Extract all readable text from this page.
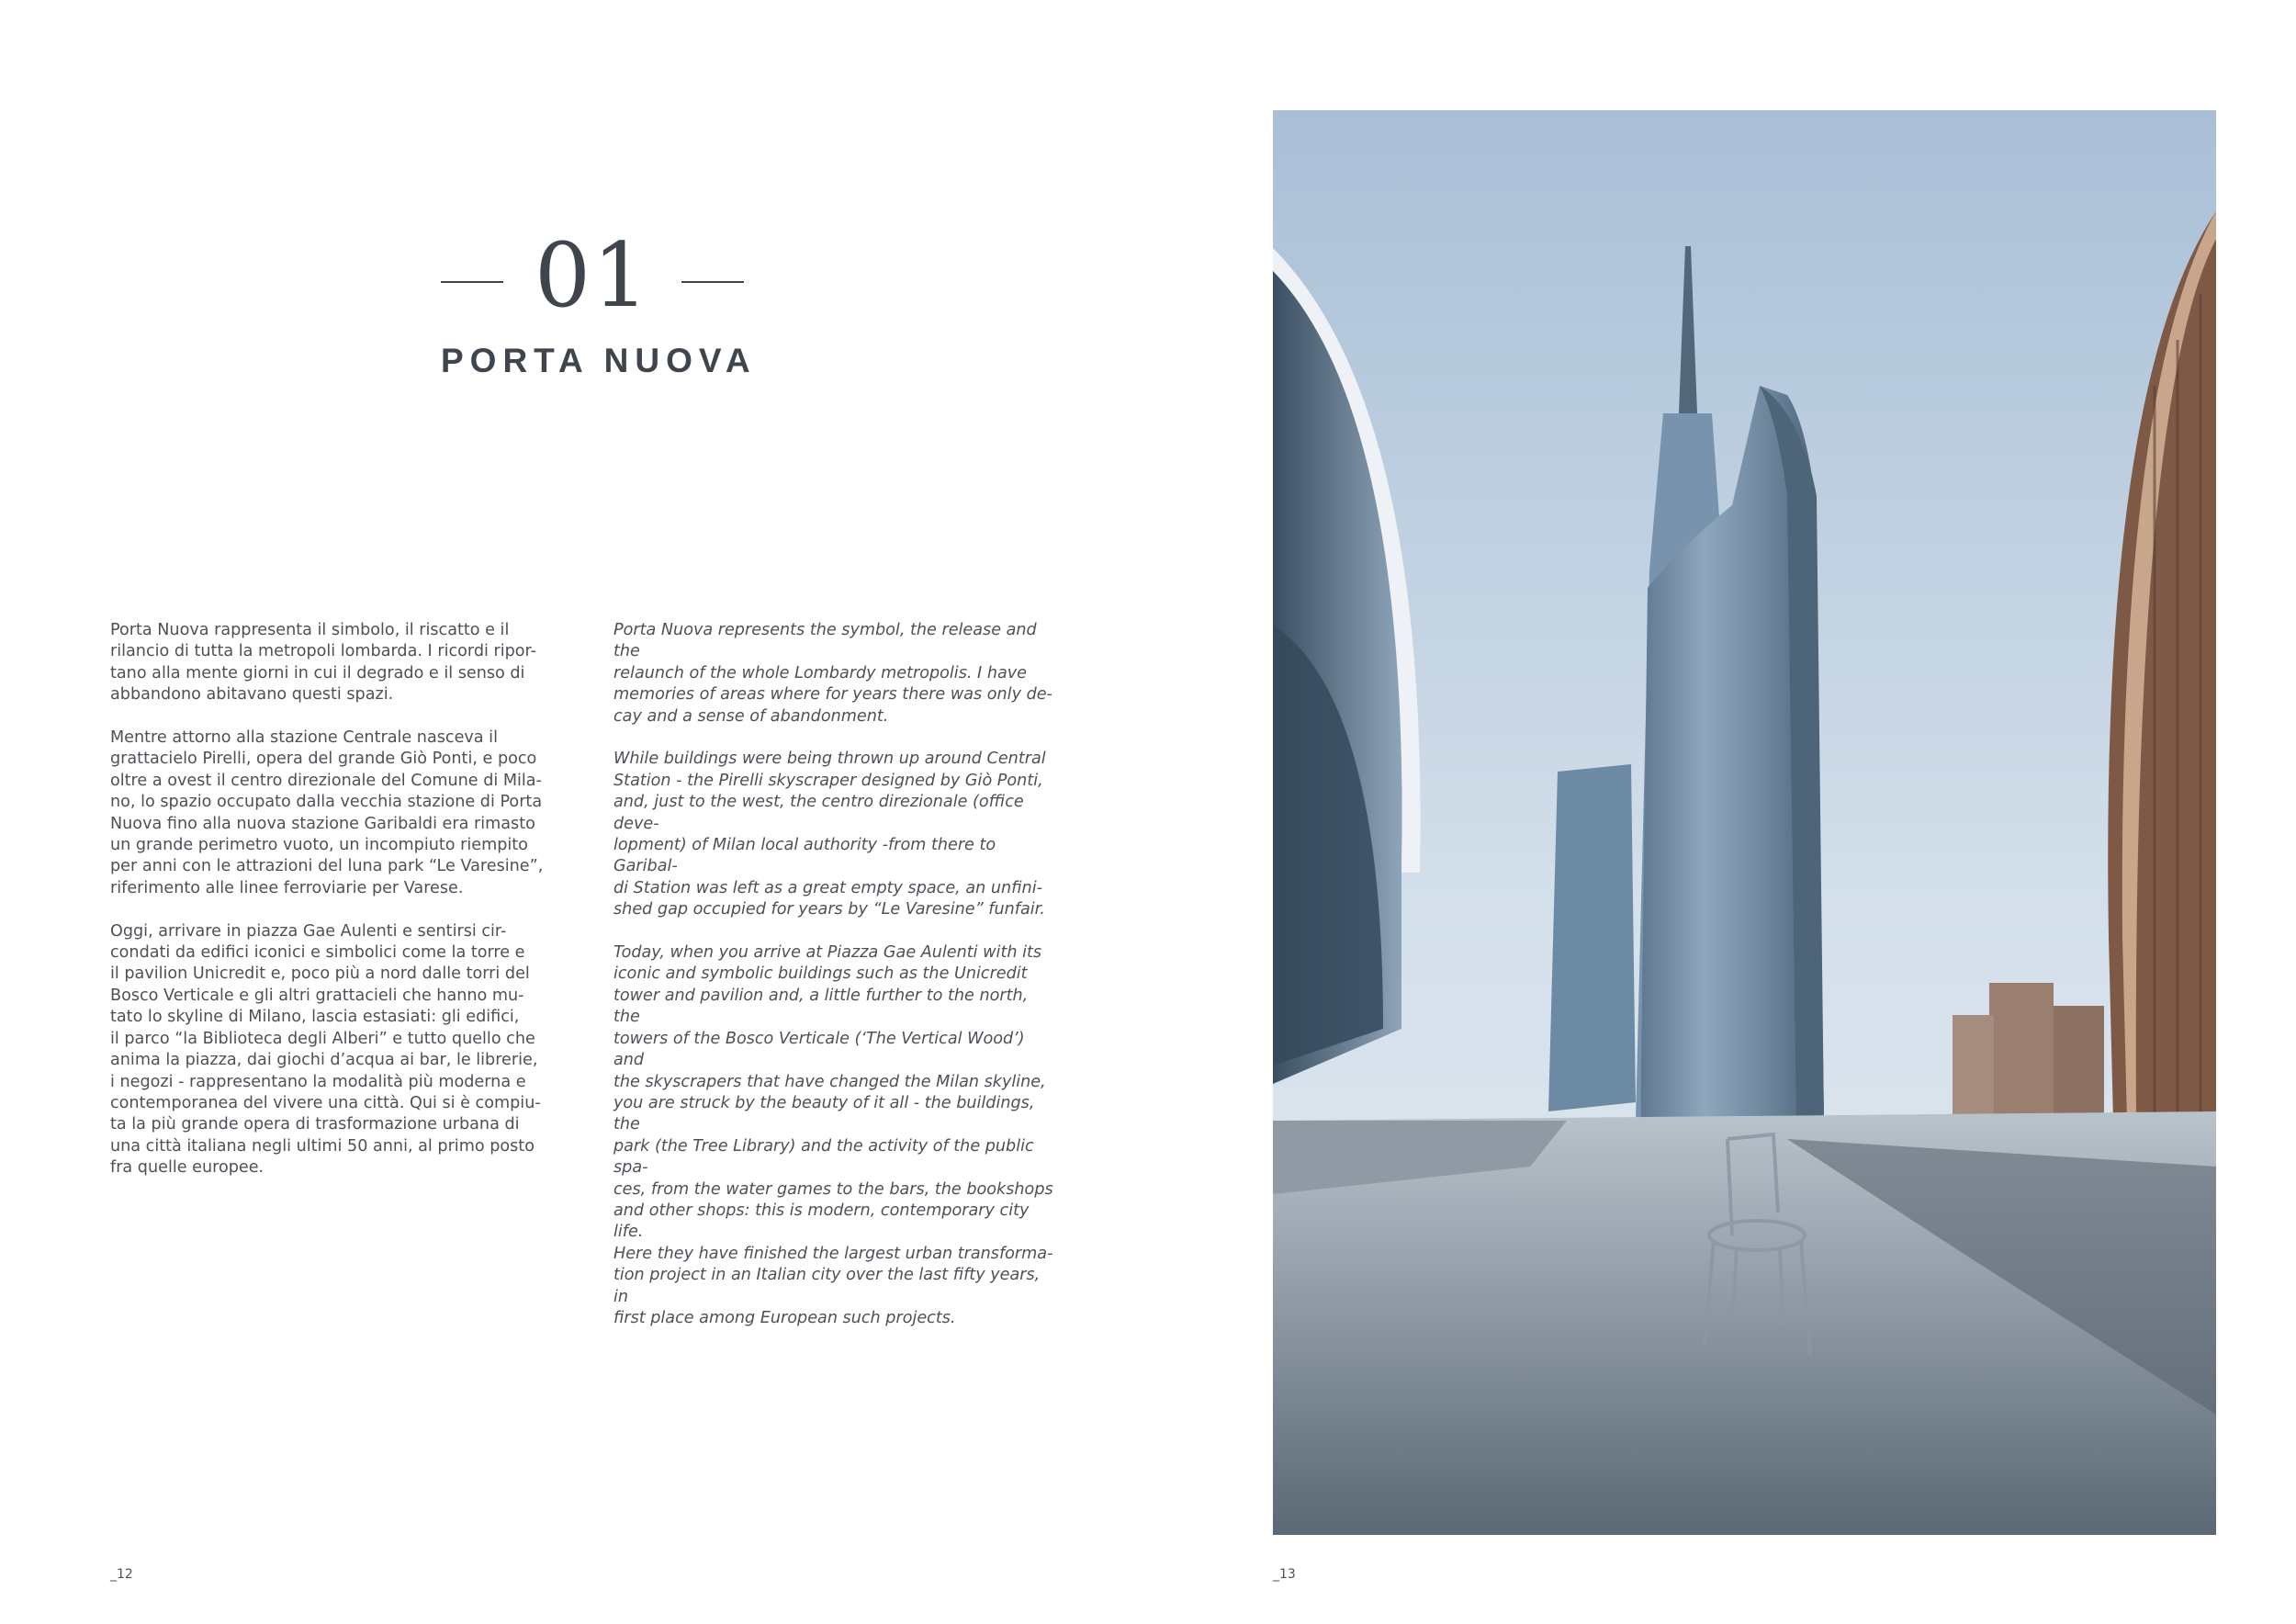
01
PORTA NUOVA

Porta Nuova rappresenta il simbolo, il riscatto e il
rilancio di tutta la metropoli lombarda. I ricordi ripor-
tano alla mente giorni in cui il degrado e il senso di
abbandono abitavano questi spazi.

Mentre attorno alla stazione Centrale nasceva il
grattacielo Pirelli, opera del grande Giò Ponti, e poco
oltre a ovest il centro direzionale del Comune di Mila-
no, lo spazio occupato dalla vecchia stazione di Porta
Nuova fino alla nuova stazione Garibaldi era rimasto
un grande perimetro vuoto, un incompiuto riempito
per anni con le attrazioni del luna park “Le Varesine”,
riferimento alle linee ferroviarie per Varese.

Oggi, arrivare in piazza Gae Aulenti e sentirsi cir-
condati da edifici iconici e simbolici come la torre e
il pavilion Unicredit e, poco più a nord dalle torri del
Bosco Verticale e gli altri grattacieli che hanno mu-
tato lo skyline di Milano, lascia estasiati: gli edifici,
il parco “la Biblioteca degli Alberi” e tutto quello che
anima la piazza, dai giochi d’acqua ai bar, le librerie,
i negozi - rappresentano la modalità più moderna e
contemporanea del vivere una città. Qui si è compiu-
ta la più grande opera di trasformazione urbana di
una città italiana negli ultimi 50 anni, al primo posto
fra quelle europee.

Porta Nuova represents the symbol, the release and the
relaunch of the whole Lombardy metropolis. I have
memories of areas where for years there was only de-
cay and a sense of abandonment.

While buildings were being thrown up around Central
Station - the Pirelli skyscraper designed by Giò Ponti,
and, just to the west, the centro direzionale (office deve-
lopment) of Milan local authority -from there to Garibal-
di Station was left as a great empty space, an unfini-
shed gap occupied for years by “Le Varesine” funfair.

Today, when you arrive at Piazza Gae Aulenti with its
iconic and symbolic buildings such as the Unicredit
tower and pavilion and, a little further to the north, the
towers of the Bosco Verticale (‘The Vertical Wood’) and
the skyscrapers that have changed the Milan skyline,
you are struck by the beauty of it all - the buildings, the
park (the Tree Library) and the activity of the public spa-
ces, from the water games to the bars, the bookshops
and other shops: this is modern, contemporary city life.
Here they have finished the largest urban transforma-
tion project in an Italian city over the last fifty years, in
first place among European such projects.

_12	_13
